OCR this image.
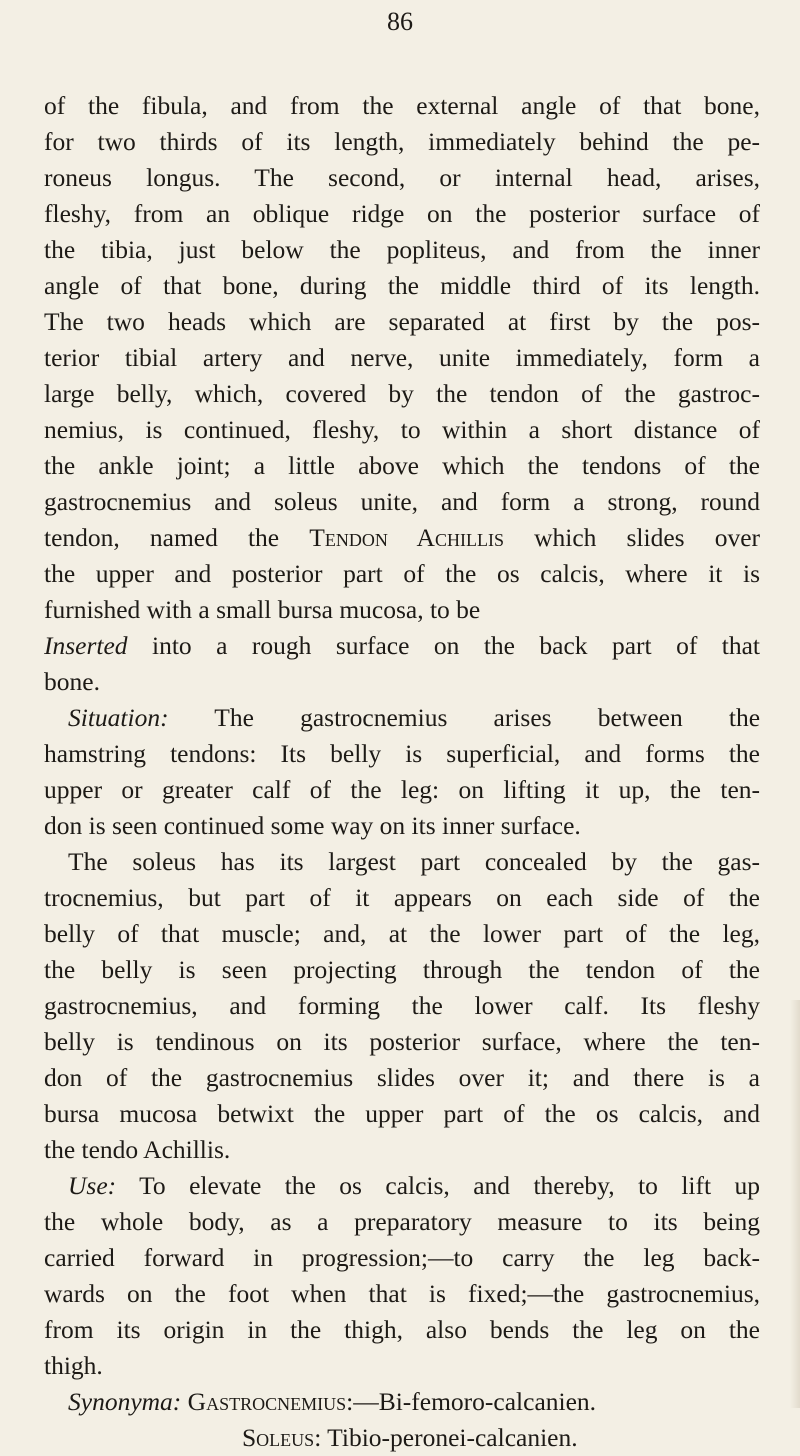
86
of the fibula, and from the external angle of that bone,
for two thirds of its length, immediately behind the pe-
roneus longus. The second, or internal head, arises,
fleshy, from an oblique ridge on the posterior surface of
the tibia, just below the popliteus, and from the inner
angle of that bone, during the middle third of its length.
The two heads which are separated at first by the pos-
terior tibial artery and nerve, unite immediately, form a
large belly, which, covered by the tendon of the gastroc-
nemius, is continued, fleshy, to within a short distance of
the ankle joint; a little above which the tendons of the
gastrocnemius and soleus unite, and form a strong, round
tendon, named the Tendon Achillis which slides over
the upper and posterior part of the os calcis, where it is
furnished with a small bursa mucosa, to be
Inserted into a rough surface on the back part of that
bone.
Situation: The gastrocnemius arises between the
hamstring tendons: Its belly is superficial, and forms the
upper or greater calf of the leg: on lifting it up, the ten-
don is seen continued some way on its inner surface.
The soleus has its largest part concealed by the gas-
trocnemius, but part of it appears on each side of the
belly of that muscle; and, at the lower part of the leg,
the belly is seen projecting through the tendon of the
gastrocnemius, and forming the lower calf. Its fleshy
belly is tendinous on its posterior surface, where the ten-
don of the gastrocnemius slides over it; and there is a
bursa mucosa betwixt the upper part of the os calcis, and
the tendo Achillis.
Use: To elevate the os calcis, and thereby, to lift up
the whole body, as a preparatory measure to its being
carried forward in progression;—to carry the leg back-
wards on the foot when that is fixed;—the gastrocnemius,
from its origin in the thigh, also bends the leg on the
thigh.
Synonyma: Gastrocnemius:—Bi-femoro-calcanien.
Soleus: Tibio-peronei-calcanien.
